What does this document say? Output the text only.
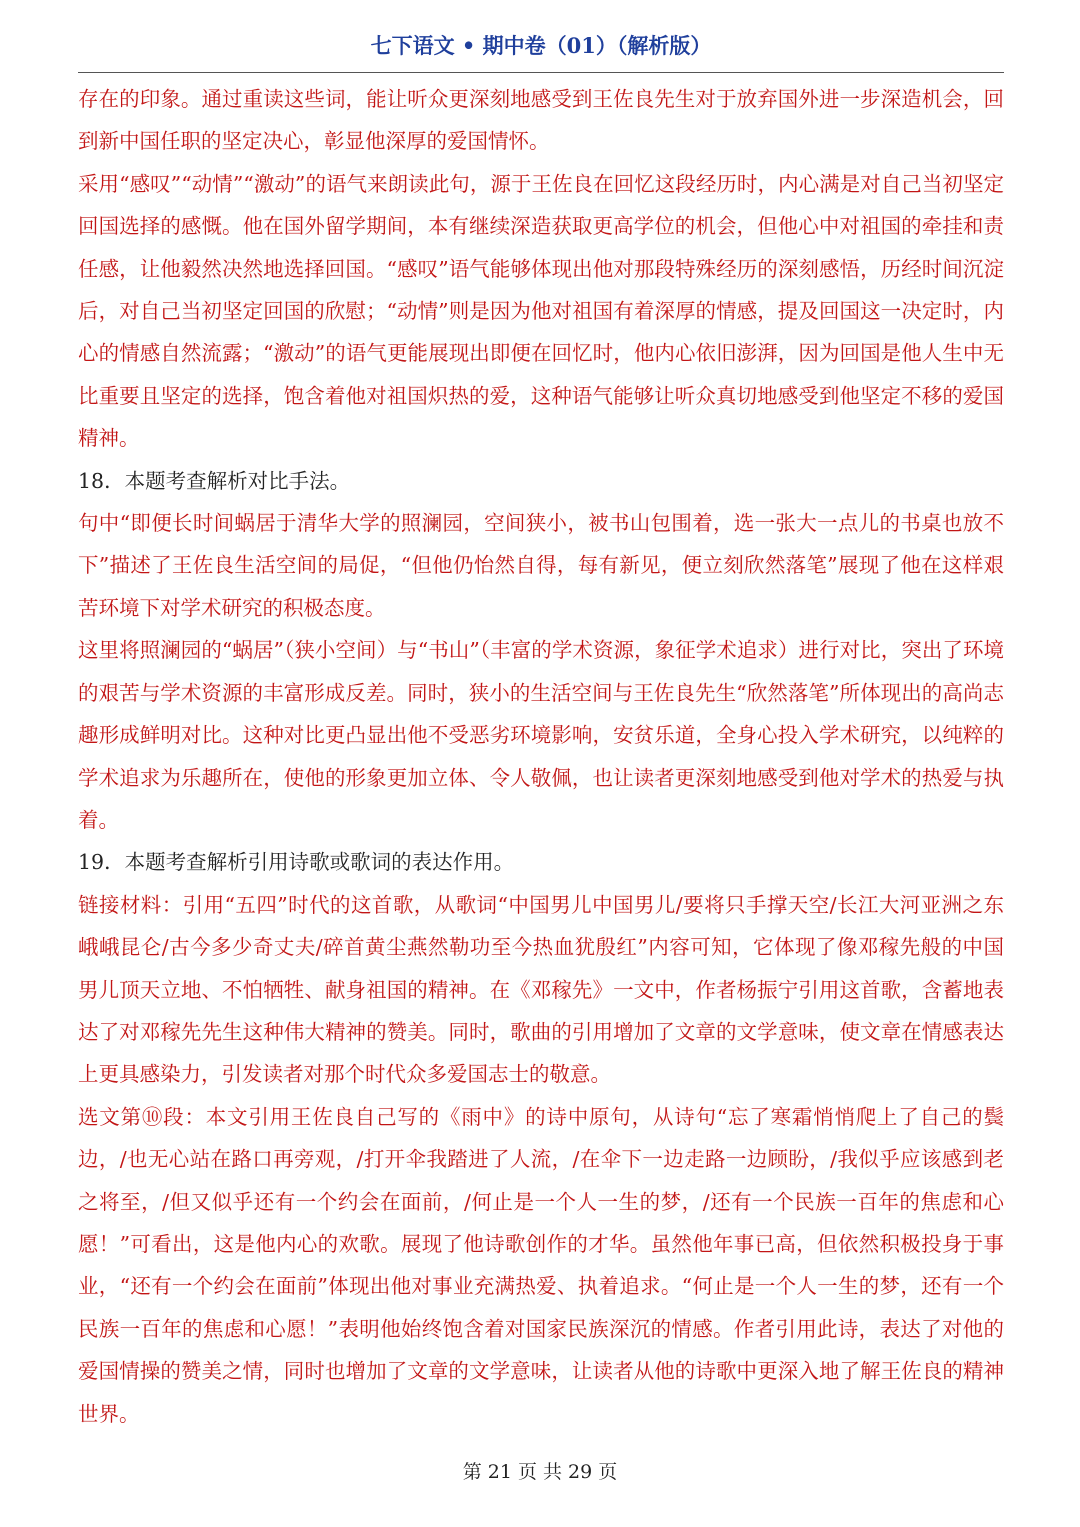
七下语文 • 期中卷（01）（解析版）

存在的印象。通过重读这些词，能让听众更深刻地感受到王佐良先生对于放弃国外进一步深造机会，回到新中国任职的坚定决心，彰显他深厚的爱国情怀。

采用“感叹”“动情”“激动”的语气来朗读此句，源于王佐良在回忆这段经历时，内心满是对自己当初坚定回国选择的感慨。他在国外留学期间，本有继续深造获取更高学位的机会，但他心中对祖国的牵挂和责任感，让他毅然决然地选择回国。“感叹”语气能够体现出他对那段特殊经历的深刻感悟，历经时间沉淀后，对自己当初坚定回国的欣慰；“动情”则是因为他对祖国有着深厚的情感，提及回国这一决定时，内心的情感自然流露；“激动”的语气更能展现出即便在回忆时，他内心依旧澎湃，因为回国是他人生中无比重要且坚定的选择，饱含着他对祖国炽热的爱，这种语气能够让听众真切地感受到他坚定不移的爱国精神。

18．本题考查解析对比手法。

句中“即便长时间蜗居于清华大学的照澜园，空间狭小，被书山包围着，选一张大一点儿的书桌也放不下”描述了王佐良生活空间的局促，“但他仍怡然自得，每有新见，便立刻欣然落笔”展现了他在这样艰苦环境下对学术研究的积极态度。

这里将照澜园的“蜗居”（狭小空间）与“书山”（丰富的学术资源，象征学术追求）进行对比，突出了环境的艰苦与学术资源的丰富形成反差。同时，狭小的生活空间与王佐良先生“欣然落笔”所体现出的高尚志趣形成鲜明对比。这种对比更凸显出他不受恶劣环境影响，安贫乐道，全身心投入学术研究，以纯粹的学术追求为乐趣所在，使他的形象更加立体、令人敬佩，也让读者更深刻地感受到他对学术的热爱与执着。

19．本题考查解析引用诗歌或歌词的表达作用。

链接材料：引用“五四”时代的这首歌，从歌词“中国男儿中国男儿/要将只手撑天空/长江大河亚洲之东峨峨昆仑/古今多少奇丈夫/碎首黄尘燕然勒功至今热血犹殷红”内容可知，它体现了像邓稼先般的中国男儿顶天立地、不怕牺牲、献身祖国的精神。在《邓稼先》一文中，作者杨振宁引用这首歌，含蓄地表达了对邓稼先先生这种伟大精神的赞美。同时，歌曲的引用增加了文章的文学意味，使文章在情感表达上更具感染力，引发读者对那个时代众多爱国志士的敬意。

选文第⑩段：本文引用王佐良自己写的《雨中》的诗中原句，从诗句“忘了寒霜悄悄爬上了自己的鬓边，/也无心站在路口再旁观，/打开伞我踏进了人流，/在伞下一边走路一边顾盼，/我似乎应该感到老之将至，/但又似乎还有一个约会在面前，/何止是一个人一生的梦，/还有一个民族一百年的焦虑和心愿！”可看出，这是他内心的欢歌。展现了他诗歌创作的才华。虽然他年事已高，但依然积极投身于事业，“还有一个约会在面前”体现出他对事业充满热爱、执着追求。“何止是一个人一生的梦，还有一个民族一百年的焦虑和心愿！”表明他始终饱含着对国家民族深沉的情感。作者引用此诗，表达了对他的爱国情操的赞美之情，同时也增加了文章的文学意味，让读者从他的诗歌中更深入地了解王佐良的精神世界。

第 21 页 共 29 页
